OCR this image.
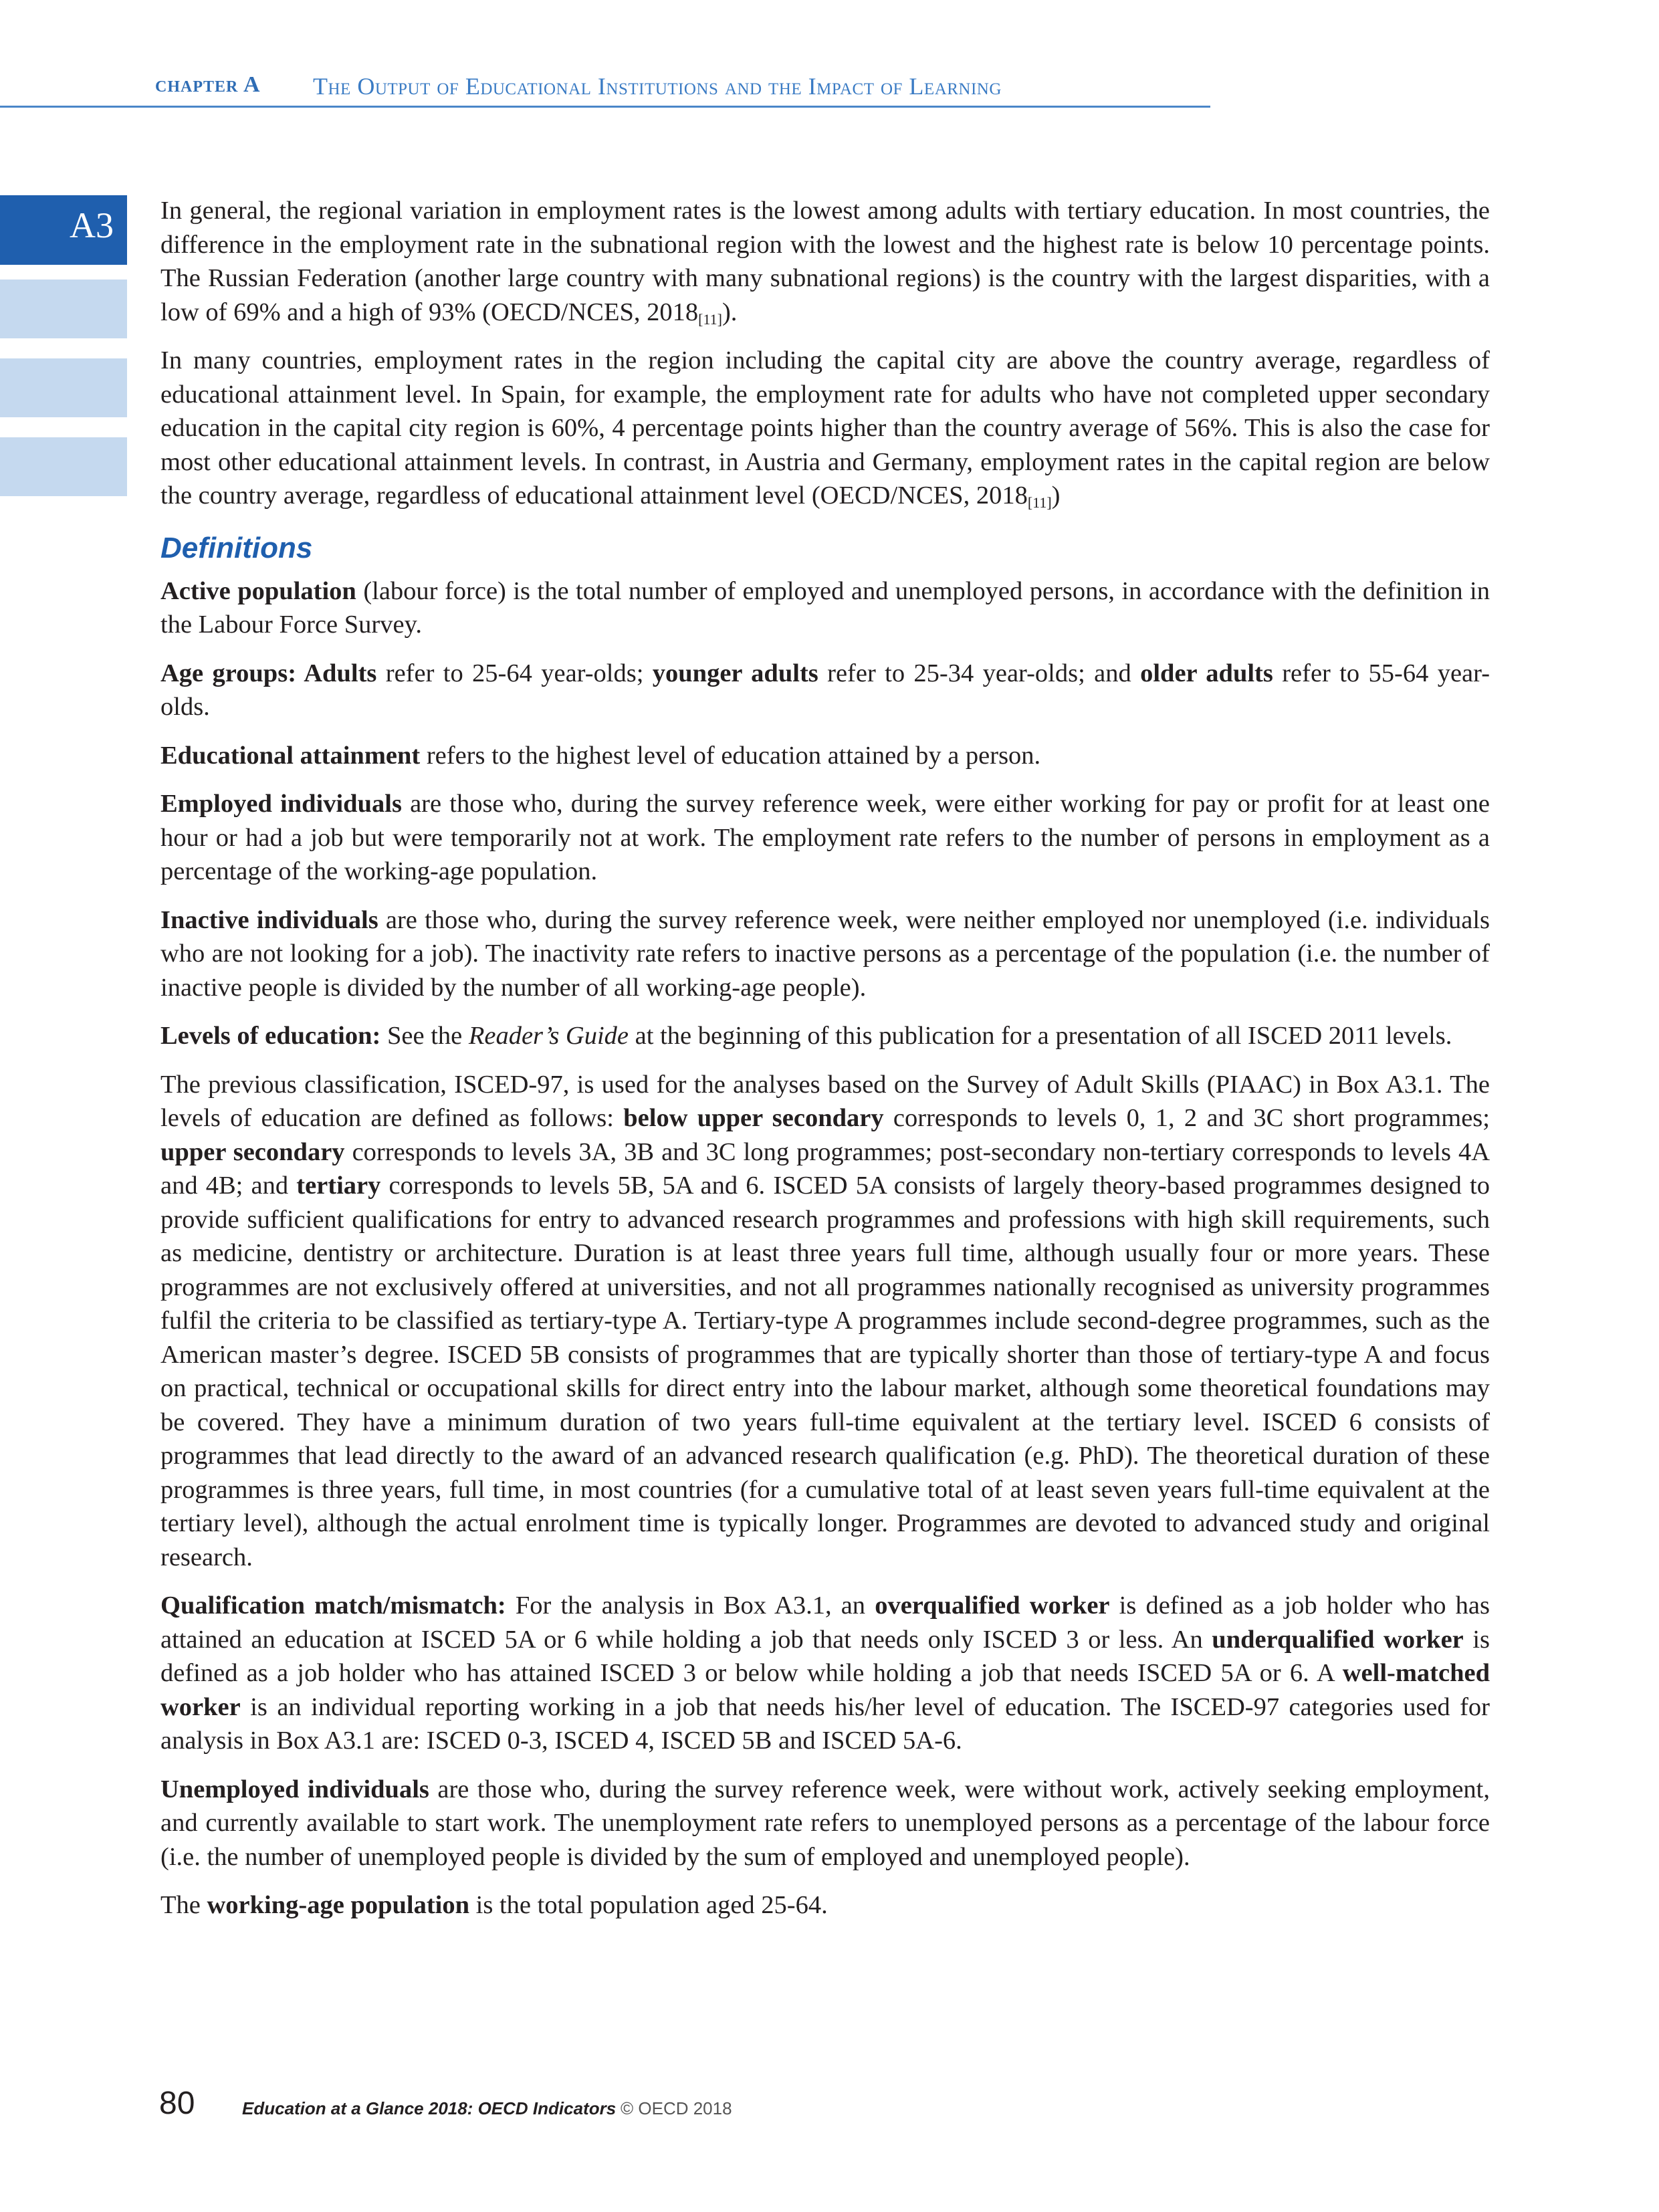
chapter A The Output of Educational Institutions and the Impact of Learning
A3 In general, the regional variation in employment rates is the lowest among adults with tertiary education. In most countries, the difference in the employment rate in the subnational region with the lowest and the highest rate is below 10 percentage points. The Russian Federation (another large country with many subnational regions) is the country with the largest disparities, with a low of 69% and a high of 93% (OECD/NCES, $2018_{[11]}$).

In many countries, employment rates in the region including the capital city are above the country average, regardless of educational attainment level. In Spain, for example, the employment rate for adults who have not completed upper secondary education in the capital city region is 60%, 4 percentage points higher than the country average of 56%. This is also the case for most other educational attainment levels. In contrast, in Austria and Germany, employment rates in the capital region are below the country average, regardless of educational attainment level (OECD/NCES, $2018_{[11]}$)

Definitions

Active population (labour force) is the total number of employed and unemployed persons, in accordance with the definition in the Labour Force Survey.

Age groups: Adults refer to 25-64 year-olds; younger adults refer to 25-34 year-olds; and older adults refer to 55-64 year-olds.

Educational attainment refers to the highest level of education attained by a person.

Employed individuals are those who, during the survey reference week, were either working for pay or profit for at least one hour or had a job but were temporarily not at work. The employment rate refers to the number of persons in employment as a percentage of the working-age population.

Inactive individuals are those who, during the survey reference week, were neither employed nor unemployed (i.e. individuals who are not looking for a job). The inactivity rate refers to inactive persons as a percentage of the population (i.e. the number of inactive people is divided by the number of all working-age people).

Levels of education: See the Reader’s Guide at the beginning of this publication for a presentation of all ISCED 2011 levels.

The previous classification, ISCED-97, is used for the analyses based on the Survey of Adult Skills (PIAAC) in Box A3.1. The levels of education are defined as follows: below upper secondary corresponds to levels 0, 1, 2 and 3C short programmes; upper secondary corresponds to levels 3A, 3B and 3C long programmes; post-secondary non-tertiary corresponds to levels 4A and 4B; and tertiary corresponds to levels 5B, 5A and 6. ISCED 5A consists of largely theory-based programmes designed to provide sufficient qualifications for entry to advanced research programmes and professions with high skill requirements, such as medicine, dentistry or architecture. Duration is at least three years full time, although usually four or more years. These programmes are not exclusively offered at universities, and not all programmes nationally recognised as university programmes fulfil the criteria to be classified as tertiary-type A. Tertiary-type A programmes include second-degree programmes, such as the American master’s degree. ISCED 5B consists of programmes that are typically shorter than those of tertiary-type A and focus on practical, technical or occupational skills for direct entry into the labour market, although some theoretical foundations may be covered. They have a minimum duration of two years full-time equivalent at the tertiary level. ISCED 6 consists of programmes that lead directly to the award of an advanced research qualification (e.g. PhD). The theoretical duration of these programmes is three years, full time, in most countries (for a cumulative total of at least seven years full-time equivalent at the tertiary level), although the actual enrolment time is typically longer. Programmes are devoted to advanced study and original research.

Qualification match/mismatch: For the analysis in Box A3.1, an overqualified worker is defined as a job holder who has attained an education at ISCED 5A or 6 while holding a job that needs only ISCED 3 or less. An underqualified worker is defined as a job holder who has attained ISCED 3 or below while holding a job that needs ISCED 5A or 6. A well-matched worker is an individual reporting working in a job that needs his/her level of education. The ISCED-97 categories used for analysis in Box A3.1 are: ISCED 0-3, ISCED 4, ISCED 5B and ISCED 5A-6.

Unemployed individuals are those who, during the survey reference week, were without work, actively seeking employment, and currently available to start work. The unemployment rate refers to unemployed persons as a percentage of the labour force (i.e. the number of unemployed people is divided by the sum of employed and unemployed people).

The working-age population is the total population aged 25-64.

80	Education at a Glance 2018: OECD Indicators © OECD 2018
